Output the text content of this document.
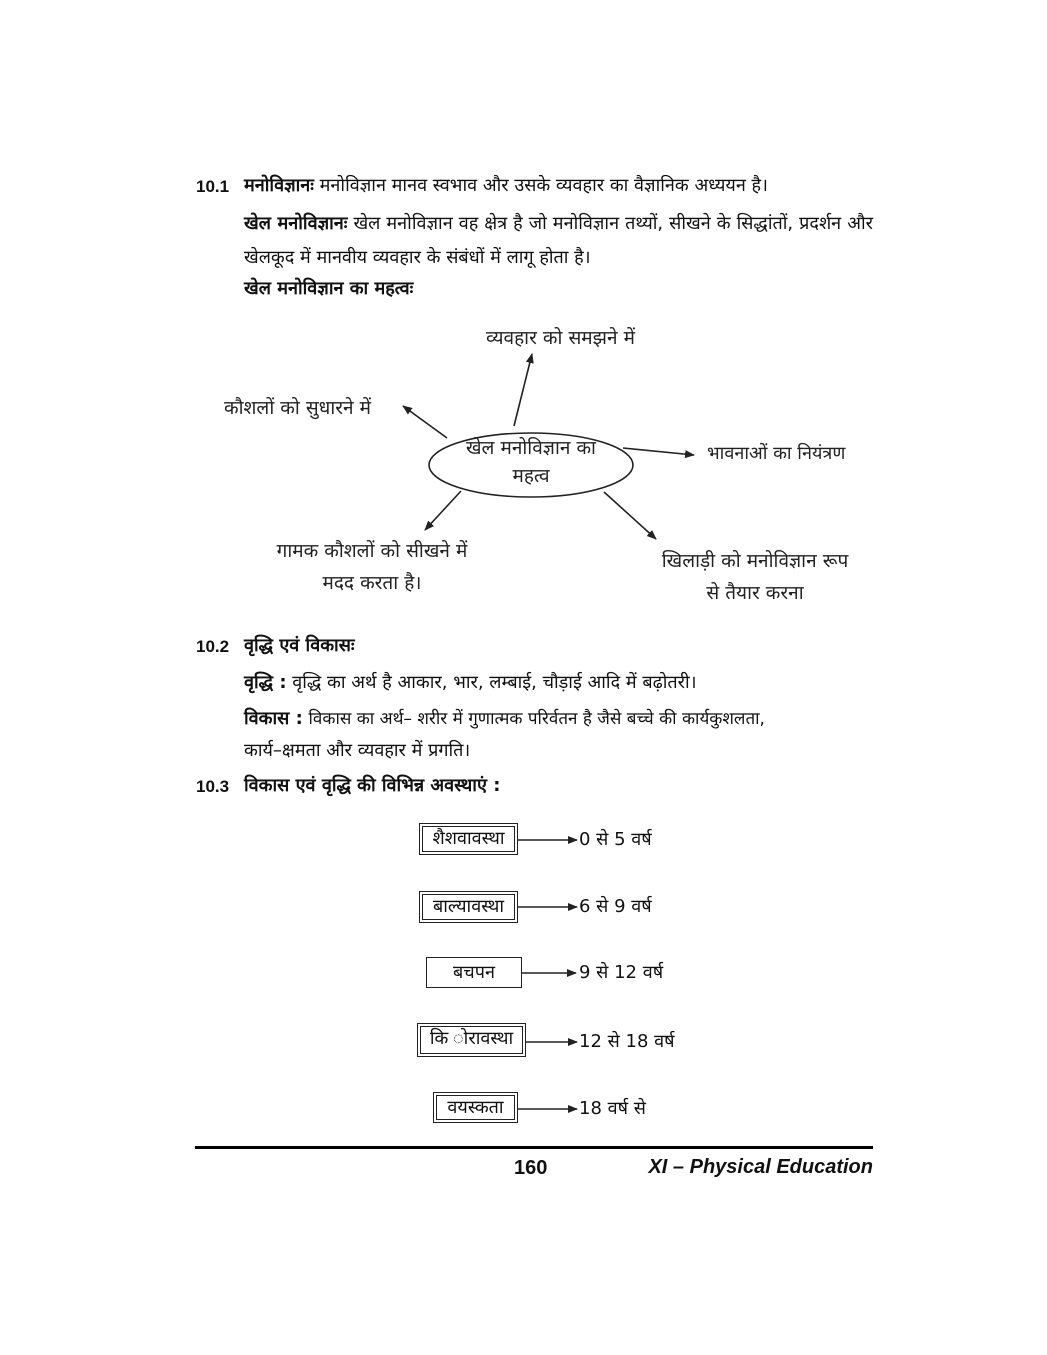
10.1 मनोविज्ञानः मनोविज्ञान मानव स्वभाव और उसके व्यवहार का वैज्ञानिक अध्ययन है।
खेल मनोविज्ञानः खेल मनोविज्ञान वह क्षेत्र है जो मनोविज्ञान तथ्यों, सीखने के सिद्धांतों, प्रदर्शन और खेलकूद में मानवीय व्यवहार के संबंधों में लागू होता है।
खेल मनोविज्ञान का महत्वः
खेल मनोविज्ञान का
महत्व
व्यवहार को समझने में
कौशलों को सुधारने में
भावनाओं का नियंत्रण
गामक कौशलों को सीखने में
मदद करता है।
खिलाड़ी को मनोविज्ञान रूप
से तैयार करना
10.2 वृद्धि एवं विकासः
वृद्धि : वृद्धि का अर्थ है आकार, भार, लम्बाई, चौड़ाई आदि में बढ़ोतरी।
विकास : विकास का अर्थ– शरीर में गुणात्मक परिर्वतन है जैसे बच्चे की कार्यकुशलता,
कार्य–क्षमता और व्यवहार में प्रगति।
10.3 विकास एवं वृद्धि की विभिन्न अवस्थाएं :
शैशवावस्था	0 से 5 वर्ष
बाल्यावस्था	6 से 9 वर्ष
बचपन	9 से 12 वर्ष
कि ोरावस्था	12 से 18 वर्ष
वयस्कता	18 वर्ष से
160	XI – Physical Education
